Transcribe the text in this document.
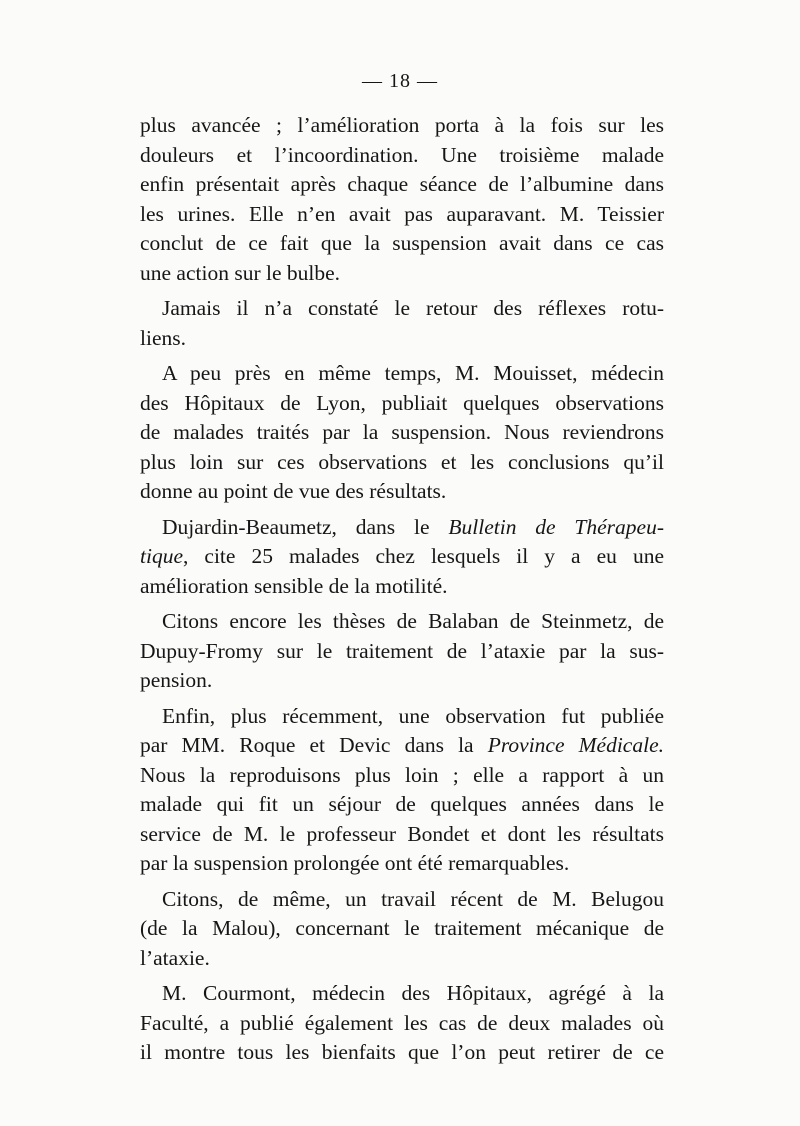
— 18 —

plus avancée ; l’amélioration porta à la fois sur les
douleurs et l’incoordination. Une troisième malade
enfin présentait après chaque séance de l’albumine dans
les urines. Elle n’en avait pas auparavant. M. Teissier
conclut de ce fait que la suspension avait dans ce cas
une action sur le bulbe.

Jamais il n’a constaté le retour des réflexes rotu-
liens.

A peu près en même temps, M. Mouisset, médecin
des Hôpitaux de Lyon, publiait quelques observations
de malades traités par la suspension. Nous reviendrons
plus loin sur ces observations et les conclusions qu’il
donne au point de vue des résultats.

Dujardin-Beaumetz, dans le Bulletin de Thérapeu-
tique, cite 25 malades chez lesquels il y a eu une
amélioration sensible de la motilité.

Citons encore les thèses de Balaban de Steinmetz, de
Dupuy-Fromy sur le traitement de l’ataxie par la sus-
pension.

Enfin, plus récemment, une observation fut publiée
par MM. Roque et Devic dans la Province Médicale.
Nous la reproduisons plus loin ; elle a rapport à un
malade qui fit un séjour de quelques années dans le
service de M. le professeur Bondet et dont les résultats
par la suspension prolongée ont été remarquables.

Citons, de même, un travail récent de M. Belugou
(de la Malou), concernant le traitement mécanique de
l’ataxie.

M. Courmont, médecin des Hôpitaux, agrégé à la
Faculté, a publié également les cas de deux malades où
il montre tous les bienfaits que l’on peut retirer de ce
